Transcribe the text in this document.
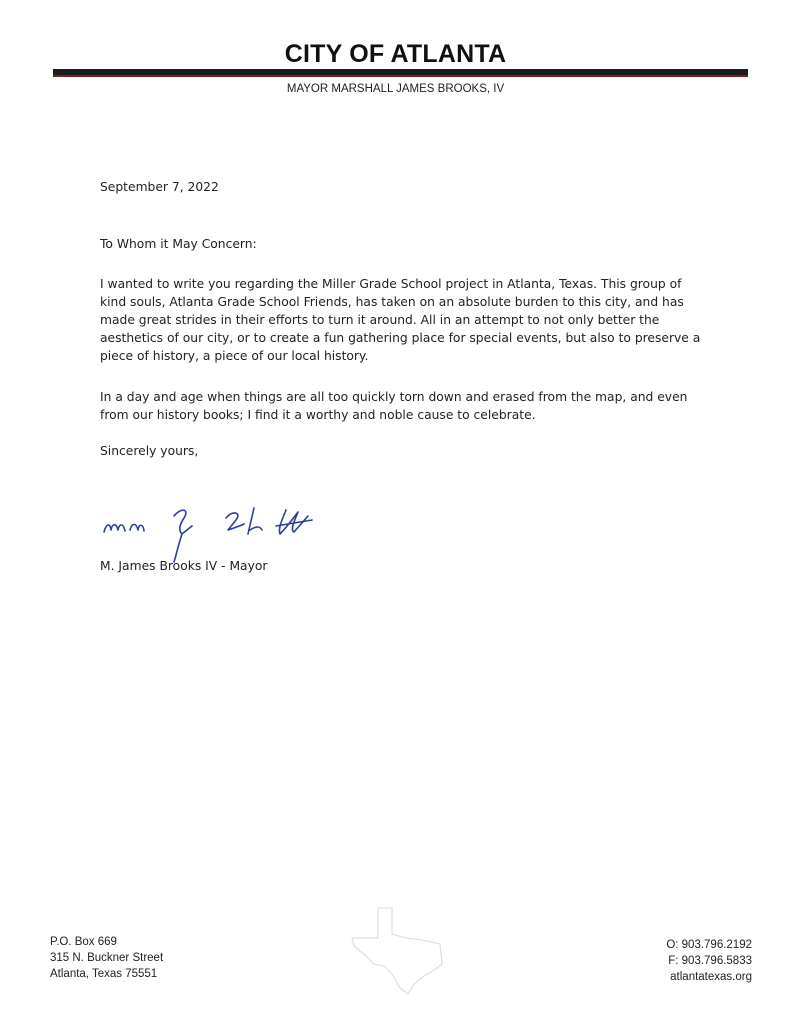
CITY OF ATLANTA
MAYOR MARSHALL JAMES BROOKS, IV
September 7, 2022
To Whom it May Concern:
I wanted to write you regarding the Miller Grade School project in Atlanta, Texas. This group of kind souls, Atlanta Grade School Friends, has taken on an absolute burden to this city, and has made great strides in their efforts to turn it around. All in an attempt to not only better the aesthetics of our city, or to create a fun gathering place for special events, but also to preserve a piece of history, a piece of our local history.
In a day and age when things are all too quickly torn down and erased from the map, and even from our history books; I find it a worthy and noble cause to celebrate.
Sincerely yours,
M. James Brooks IV - Mayor
P.O. Box 669
315 N. Buckner Street
Atlanta, Texas 75551
O: 903.796.2192
F: 903.796.5833
atlantatexas.org
